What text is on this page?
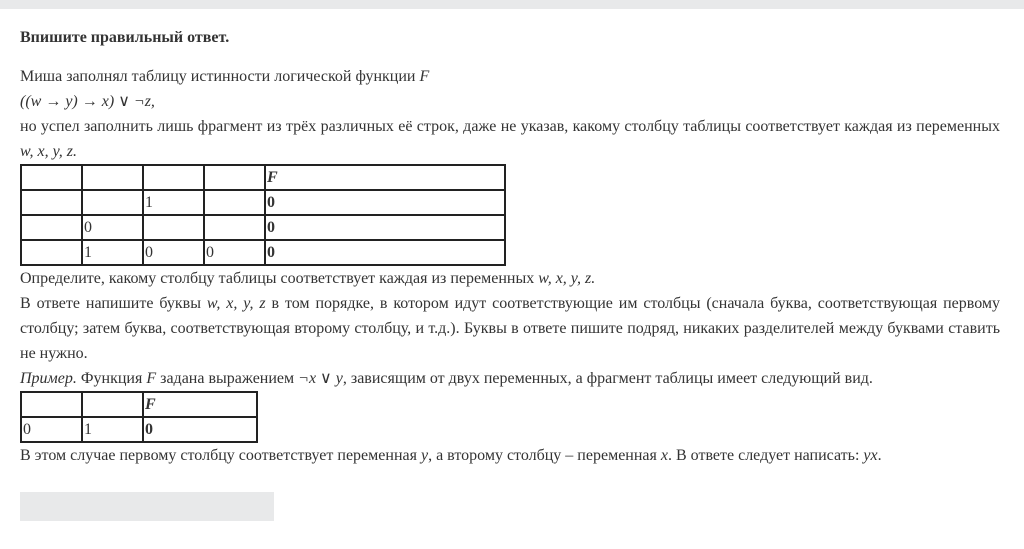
Впишите правильный ответ.

Миша заполнял таблицу истинности логической функции F

((w → y) → x) ∨ ¬z,

но успел заполнить лишь фрагмент из трёх различных её строк, даже не указав, какому столбцу таблицы соответствует каждая из переменных w, x, y, z.

				F
		1		0
	0			0
	1	0	0	0

Определите, какому столбцу таблицы соответствует каждая из переменных w, x, y, z.

В ответе напишите буквы w, x, y, z в том порядке, в котором идут соответствующие им столбцы (сначала буква, соответствующая первому столбцу; затем буква, соответствующая второму столбцу, и т.д.). Буквы в ответе пишите подряд, никаких разделителей между буквами ставить не нужно.

Пример. Функция F задана выражением ¬x ∨ y, зависящим от двух переменных, а фрагмент таблицы имеет следующий вид.

		F
0	1	0

В этом случае первому столбцу соответствует переменная y, а второму столбцу – переменная x. В ответе следует написать: yx.
